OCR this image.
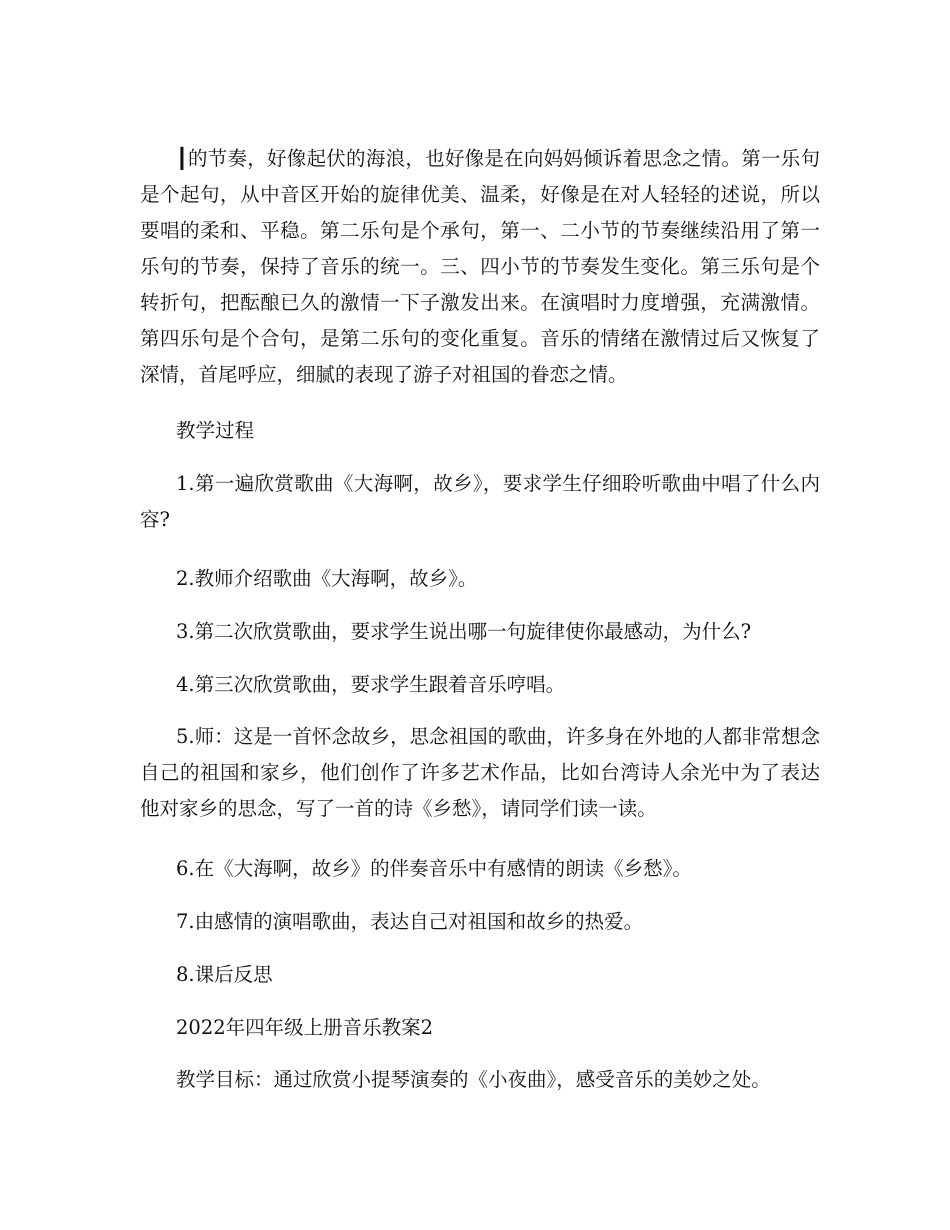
┃的节奏，好像起伏的海浪，也好像是在向妈妈倾诉着思念之情。第一乐句是个起句，从中音区开始的旋律优美、温柔，好像是在对人轻轻的述说，所以要唱的柔和、平稳。第二乐句是个承句，第一、二小节的节奏继续沿用了第一乐句的节奏，保持了音乐的统一。三、四小节的节奏发生变化。第三乐句是个转折句，把酝酿已久的激情一下子激发出来。在演唱时力度增强，充满激情。第四乐句是个合句，是第二乐句的变化重复。音乐的情绪在激情过后又恢复了深情，首尾呼应，细腻的表现了游子对祖国的眷恋之情。

教学过程

1.第一遍欣赏歌曲《大海啊，故乡》，要求学生仔细聆听歌曲中唱了什么内容?

2.教师介绍歌曲《大海啊，故乡》。

3.第二次欣赏歌曲，要求学生说出哪一句旋律使你最感动，为什么?

4.第三次欣赏歌曲，要求学生跟着音乐哼唱。

5.师：这是一首怀念故乡，思念祖国的歌曲，许多身在外地的人都非常想念自己的祖国和家乡，他们创作了许多艺术作品，比如台湾诗人余光中为了表达他对家乡的思念，写了一首的诗《乡愁》，请同学们读一读。

6.在《大海啊，故乡》的伴奏音乐中有感情的朗读《乡愁》。

7.由感情的演唱歌曲，表达自己对祖国和故乡的热爱。

8.课后反思

2022年四年级上册音乐教案2

教学目标：通过欣赏小提琴演奏的《小夜曲》，感受音乐的美妙之处。
